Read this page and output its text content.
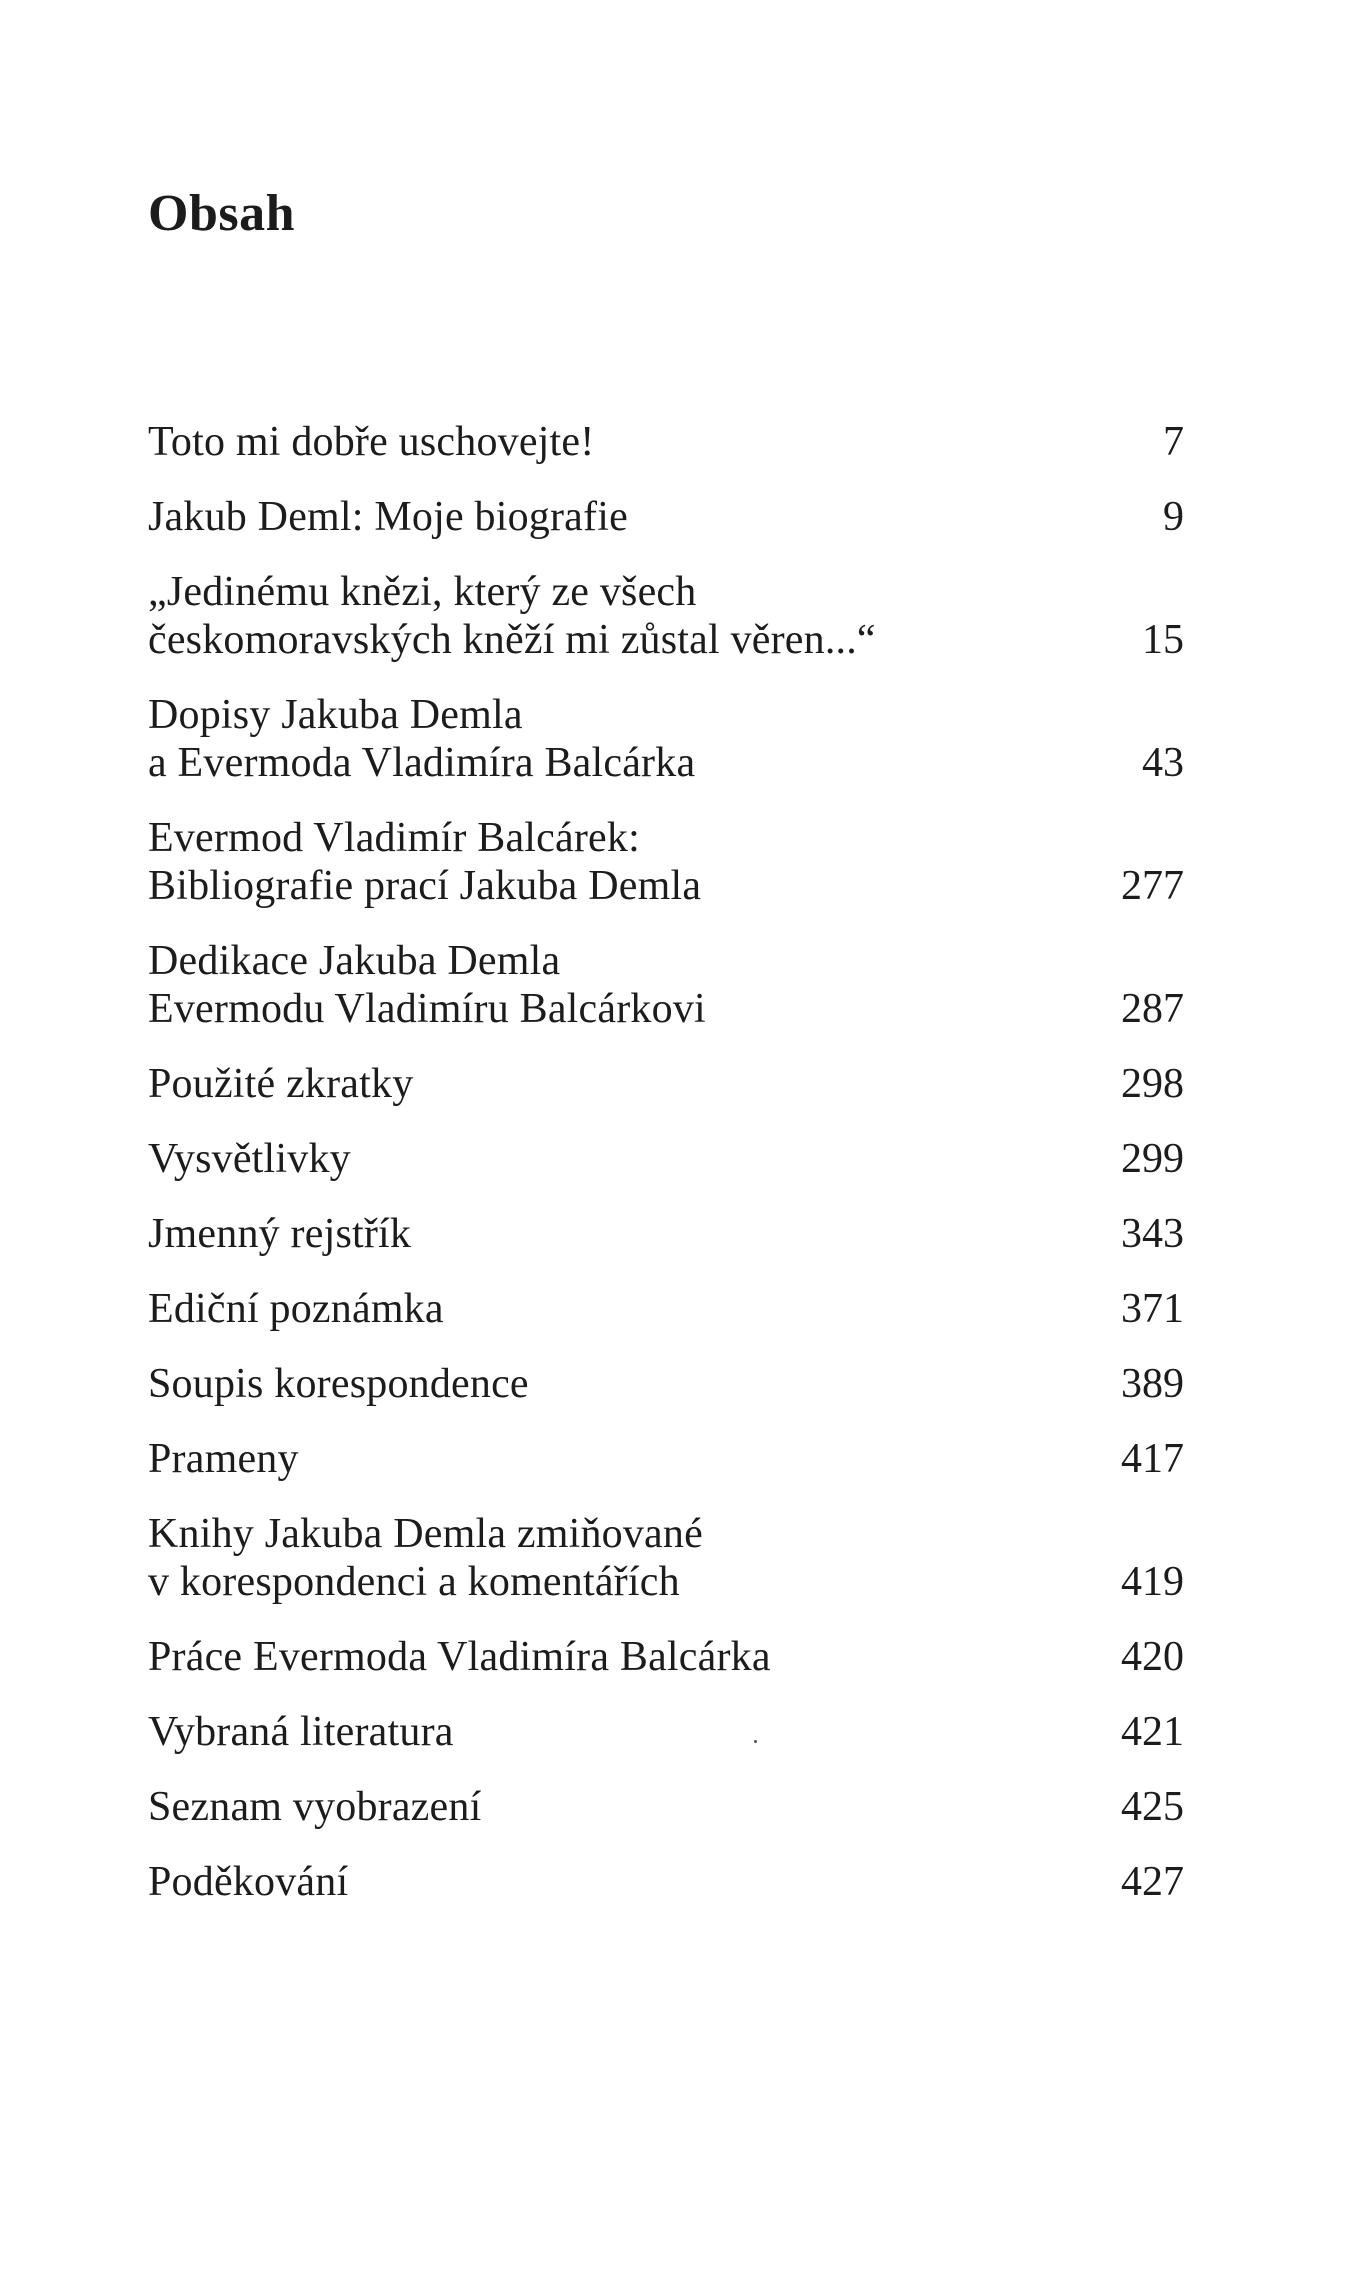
Obsah
Toto mi dobře uschovejte!	7
Jakub Deml: Moje biografie	9
„Jedinému knězi, který ze všech
českomoravských kněží mi zůstal věren...“	15
Dopisy Jakuba Demla
a Evermoda Vladimíra Balcárka	43
Evermod Vladimír Balcárek:
Bibliografie prací Jakuba Demla	277
Dedikace Jakuba Demla
Evermodu Vladimíru Balcárkovi	287
Použité zkratky	298
Vysvětlivky	299
Jmenný rejstřík	343
Ediční poznámka	371
Soupis korespondence	389
Prameny	417
Knihy Jakuba Demla zmiňované
v korespondenci a komentářích	419
Práce Evermoda Vladimíra Balcárka	420
Vybraná literatura	421
Seznam vyobrazení	425
Poděkování	427
